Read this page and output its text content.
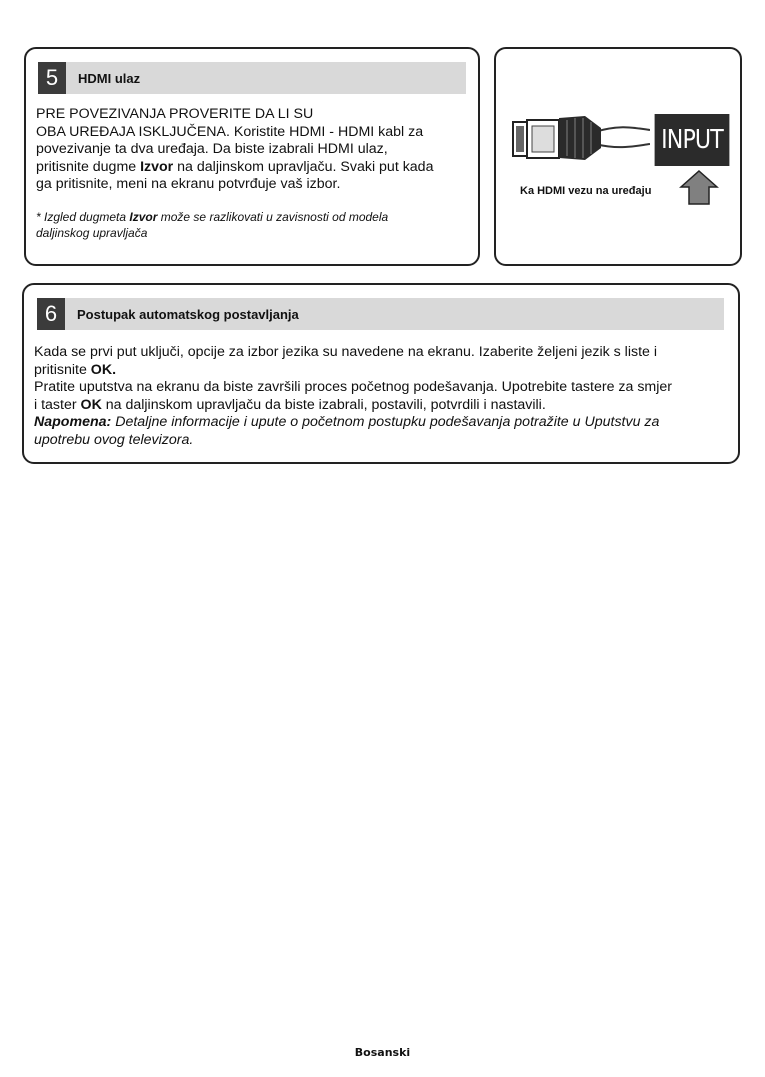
5	HDMI ulaz
PRE POVEZIVANJA PROVERITE DA LI SU
OBA UREĐAJA ISKLJUČENA. Koristite HDMI - HDMI kabl za
povezivanje ta dva uređaja. Da biste izabrali HDMI ulaz,
pritisnite dugme Izvor na daljinskom upravljaču. Svaki put kada
ga pritisnite, meni na ekranu potvrđuje vaš izbor.
* Izgled dugmeta Izvor može se razlikovati u zavisnosti od modela
daljinskog upravljača
INPUT
Ka HDMI vezu na uređaju
6	Postupak automatskog postavljanja
Kada se prvi put uključi, opcije za izbor jezika su navedene na ekranu. Izaberite željeni jezik s liste i
pritisnite OK.
Pratite uputstva na ekranu da biste završili proces početnog podešavanja. Upotrebite tastere za smjer
i taster OK na daljinskom upravljaču da biste izabrali, postavili, potvrdili i nastavili.
Napomena: Detaljne informacije i upute o početnom postupku podešavanja potražite u Uputstvu za
upotrebu ovog televizora.
Bosanski
